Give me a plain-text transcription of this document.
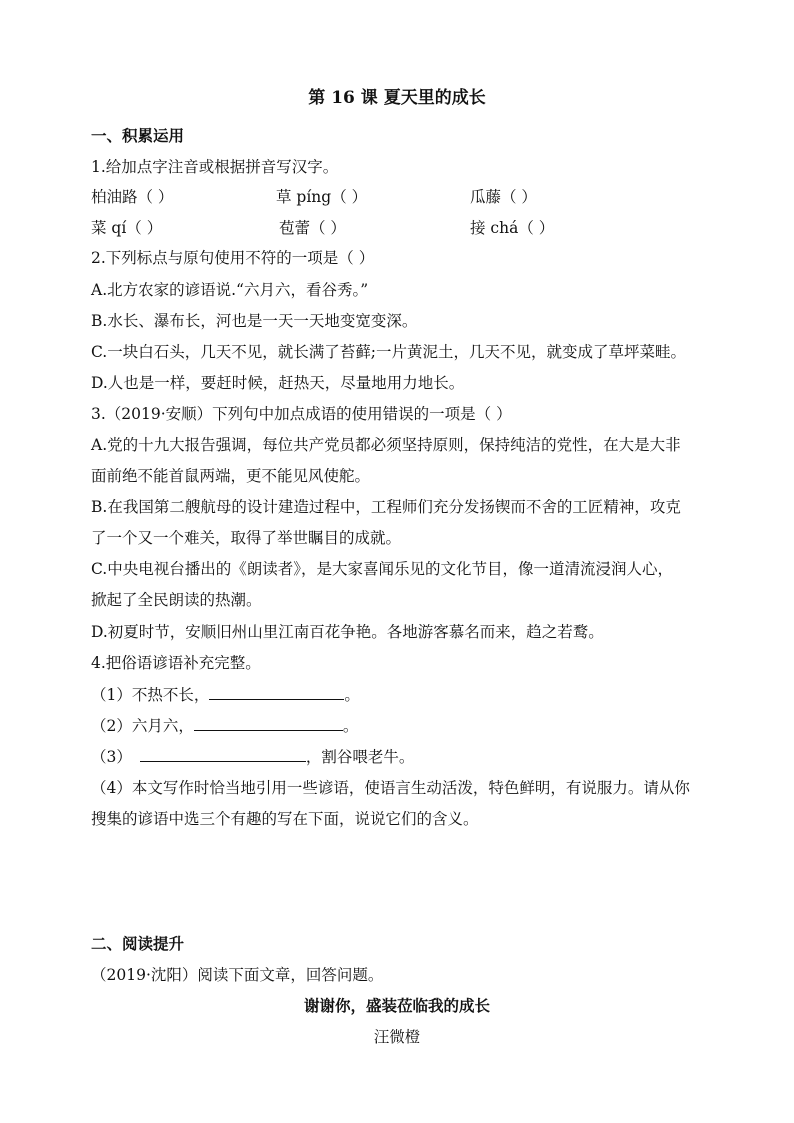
第 16 课 夏天里的成长
一、积累运用
1.给加点字注音或根据拼音写汉字。
柏油路（ ）	草 píng（ ）	瓜藤（ ）
菜 qí（ ）	苞蕾（ ）	接 chá（ ）
2.下列标点与原句使用不符的一项是（ ）
A.北方农家的谚语说.“六月六，看谷秀。”
B.水长、瀑布长，河也是一天一天地变宽变深。
C.一块白石头，几天不见，就长满了苔藓;一片黄泥土，几天不见，就变成了草坪菜畦。
D.人也是一样，要赶时候，赶热天，尽量地用力地长。
3.（2019·安顺）下列句中加点成语的使用错误的一项是（ ）
A.党的十九大报告强调，每位共产党员都必须坚持原则，保持纯洁的党性，在大是大非
面前绝不能首鼠两端，更不能见风使舵。
B.在我国第二艘航母的设计建造过程中，工程师们充分发扬锲而不舍的工匠精神，攻克
了一个又一个难关，取得了举世瞩目的成就。
C.中央电视台播出的《朗读者》，是大家喜闻乐见的文化节目，像一道清流浸润人心，
掀起了全民朗读的热潮。
D.初夏时节，安顺旧州山里江南百花争艳。各地游客慕名而来，趋之若鹜。
4.把俗语谚语补充完整。
（1）不热不长，	。
（2）六月六，	。
（3）	，割谷喂老牛。
（4）本文写作时恰当地引用一些谚语，使语言生动活泼，特色鲜明，有说服力。请从你
搜集的谚语中选三个有趣的写在下面，说说它们的含义。
二、阅读提升
（2019·沈阳）阅读下面文章，回答问题。
谢谢你，盛装莅临我的成长
汪微橙
